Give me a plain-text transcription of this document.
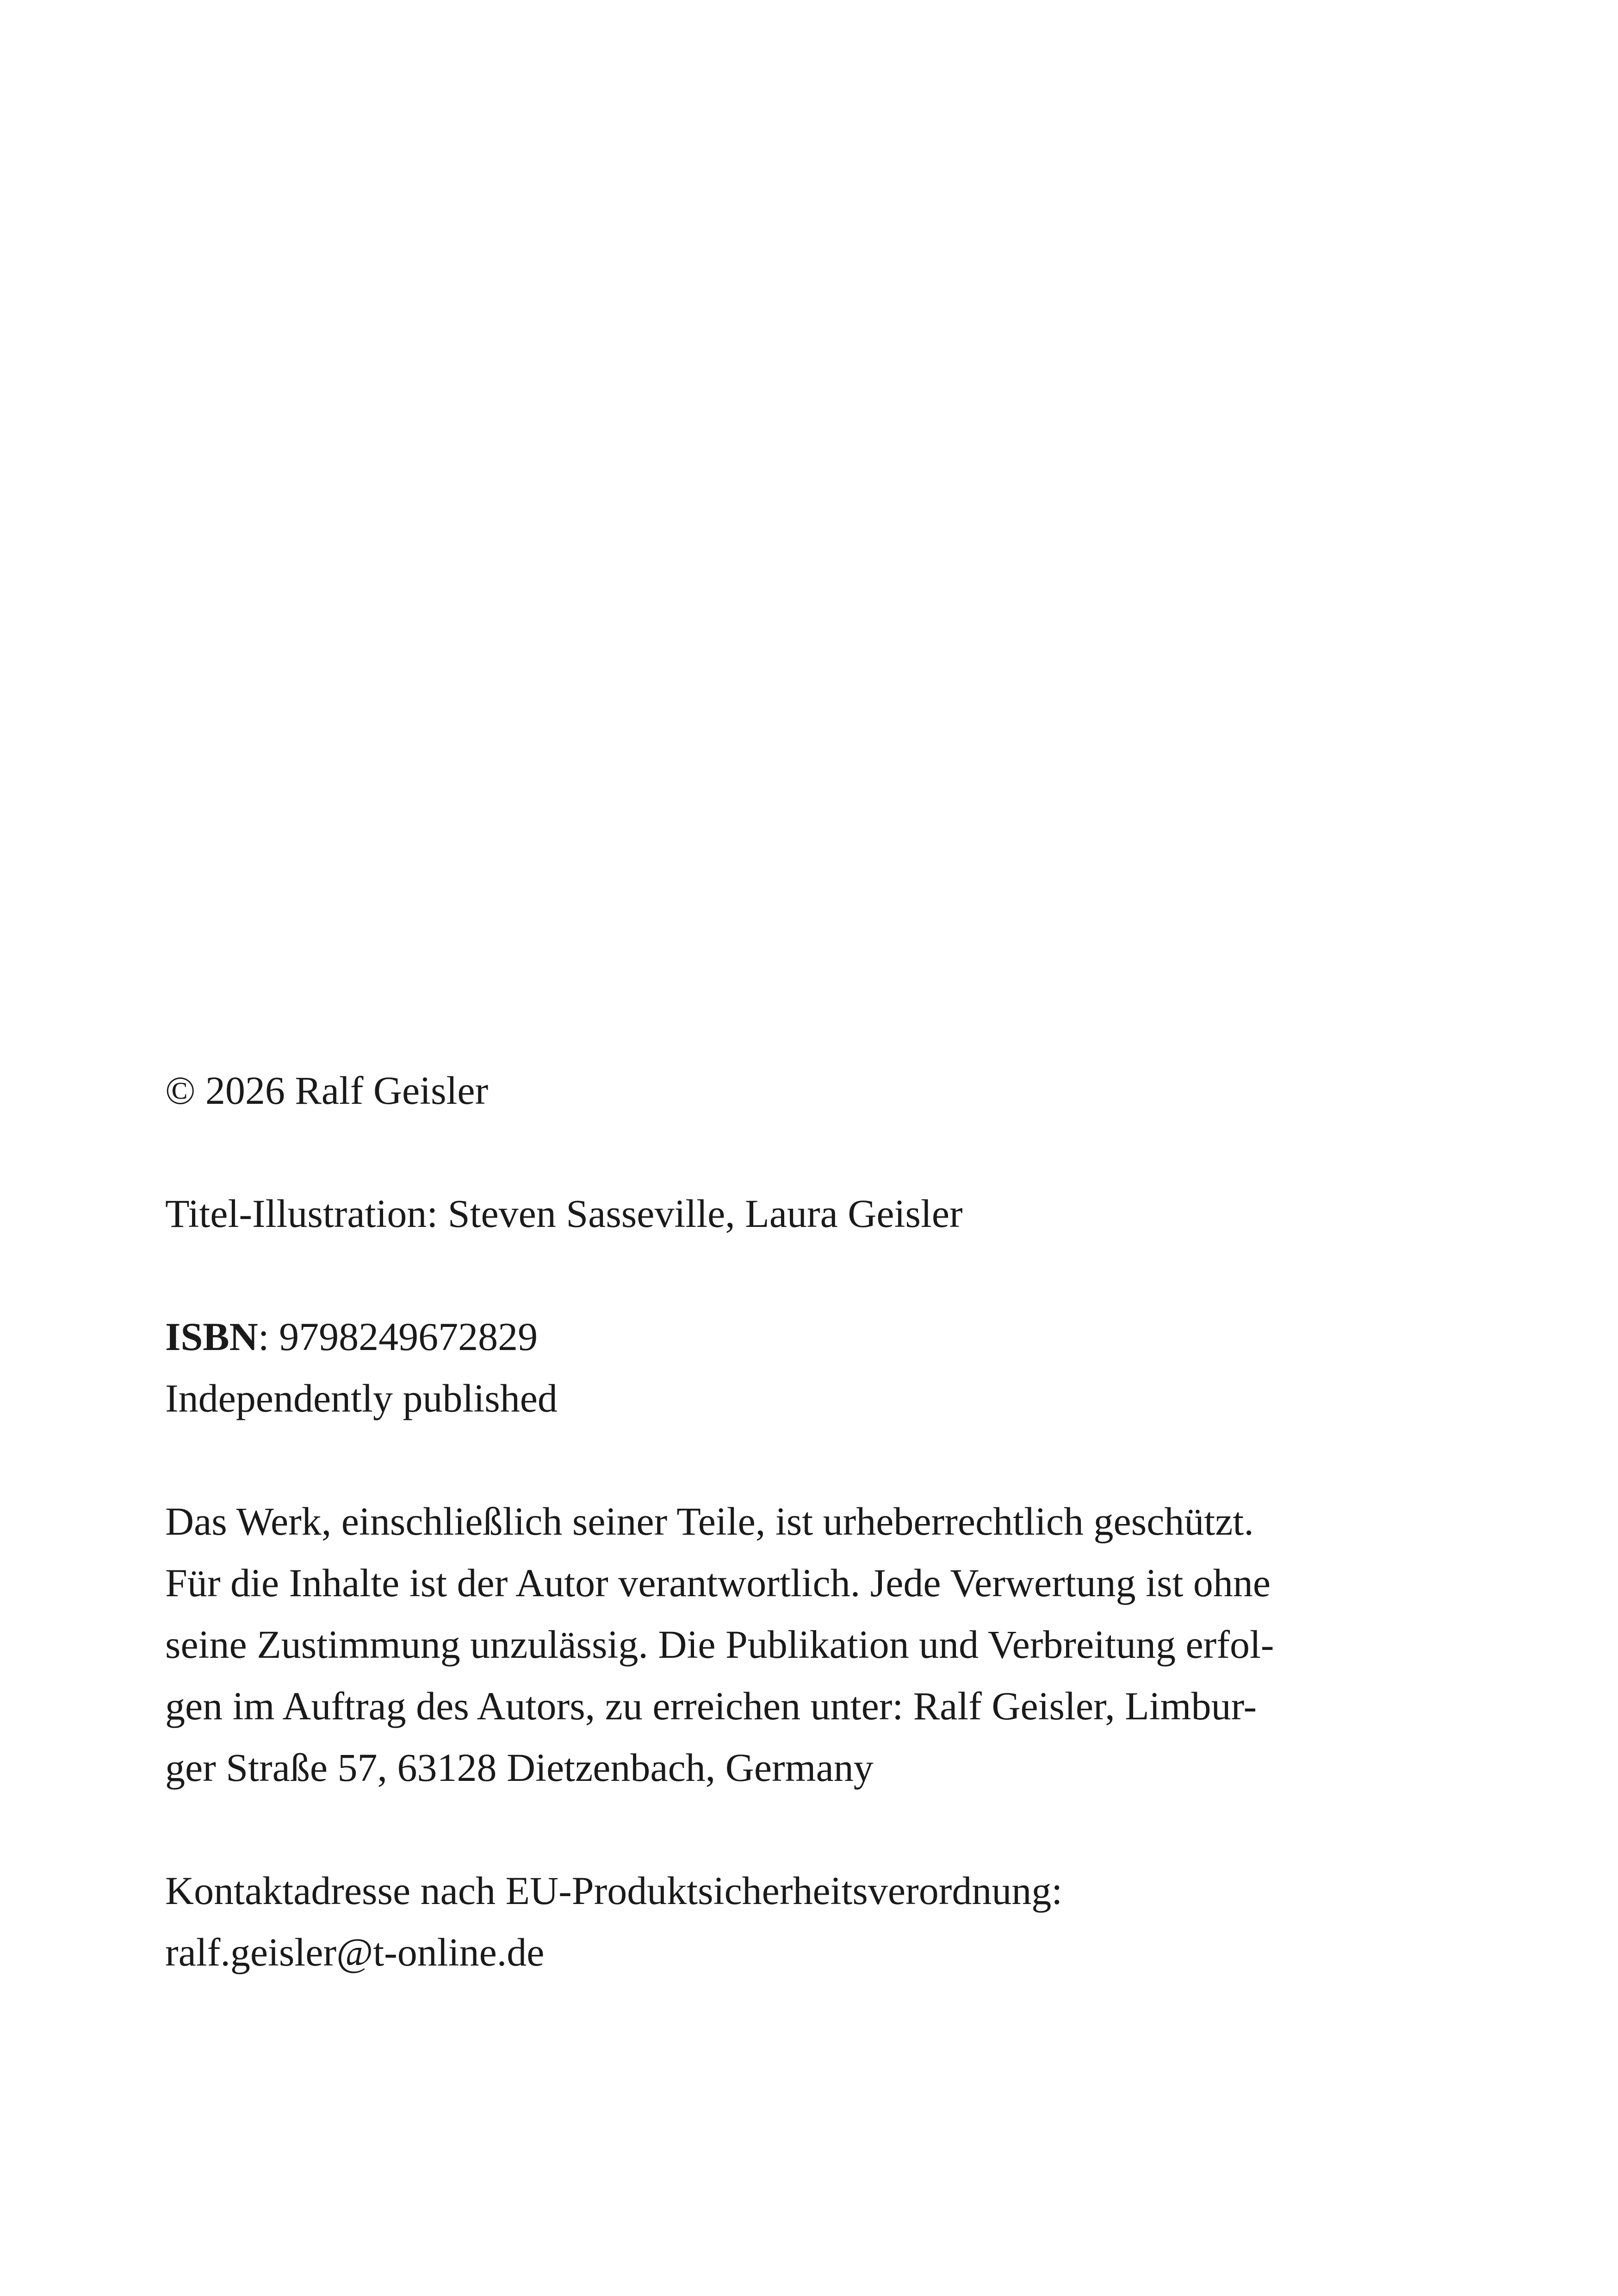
© 2026 Ralf Geisler

Titel-Illustration: Steven Sasseville, Laura Geisler

ISBN: 9798249672829

Independently published

Das Werk, einschließlich seiner Teile, ist urheberrechtlich geschützt.
Für die Inhalte ist der Autor verantwortlich. Jede Verwertung ist ohne
seine Zustimmung unzulässig. Die Publikation und Verbreitung erfol-
gen im Auftrag des Autors, zu erreichen unter: Ralf Geisler, Limbur-
ger Straße 57, 63128 Dietzenbach, Germany

Kontaktadresse nach EU-Produktsicherheitsverordnung:

ralf.geisler@t-online.de
